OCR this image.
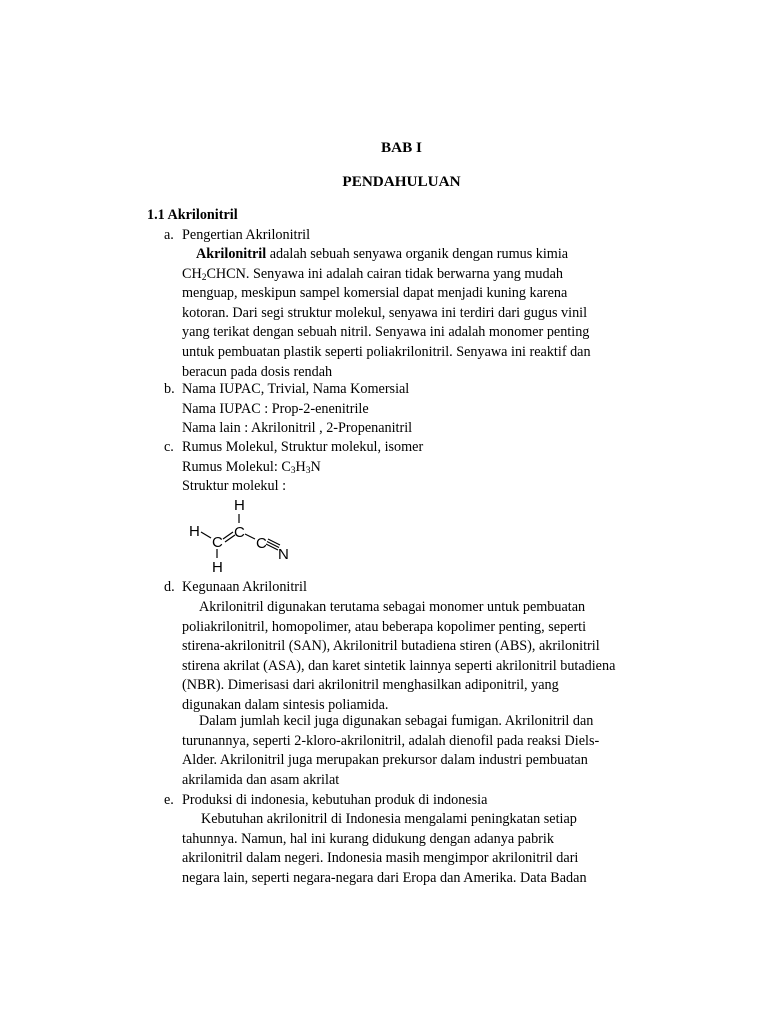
BAB I
PENDAHULUAN
1.1 Akrilonitril
a. Pengertian Akrilonitril

Akrilonitril adalah sebuah senyawa organik dengan rumus kimia

$CH_2CHCN$. Senyawa ini adalah cairan tidak berwarna yang mudah

menguap, meskipun sampel komersial dapat menjadi kuning karena

kotoran. Dari segi struktur molekul, senyawa ini terdiri dari gugus vinil

yang terikat dengan sebuah nitril. Senyawa ini adalah monomer penting

untuk pembuatan plastik seperti poliakrilonitril. Senyawa ini reaktif dan

beracun pada dosis rendah

b. Nama IUPAC, Trivial, Nama Komersial
Nama IUPAC : Prop-2-enenitrile
Nama lain : Akrilonitril , 2-Propenanitril
c. Rumus Molekul, Struktur molekul, isomer
Rumus Molekul: $C_3H_3N$
Struktur molekul :
H
H
C
C
C
N
H
d. Kegunaan Akrilonitril

Akrilonitril digunakan terutama sebagai monomer untuk pembuatan

poliakrilonitril, homopolimer, atau beberapa kopolimer penting, seperti

stirena-akrilonitril (SAN), Akrilonitril butadiena stiren (ABS), akrilonitril

stirena akrilat (ASA), dan karet sintetik lainnya seperti akrilonitril butadiena

(NBR). Dimerisasi dari akrilonitril menghasilkan adiponitril, yang

digunakan dalam sintesis poliamida.

Dalam jumlah kecil juga digunakan sebagai fumigan. Akrilonitril dan

turunannya, seperti 2-kloro-akrilonitril, adalah dienofil pada reaksi Diels-

Alder. Akrilonitril juga merupakan prekursor dalam industri pembuatan

akrilamida dan asam akrilat

e. Produksi di indonesia, kebutuhan produk di indonesia

Kebutuhan akrilonitril di Indonesia mengalami peningkatan setiap

tahunnya. Namun, hal ini kurang didukung dengan adanya pabrik

akrilonitril dalam negeri. Indonesia masih mengimpor akrilonitril dari

negara lain, seperti negara-negara dari Eropa dan Amerika. Data Badan
